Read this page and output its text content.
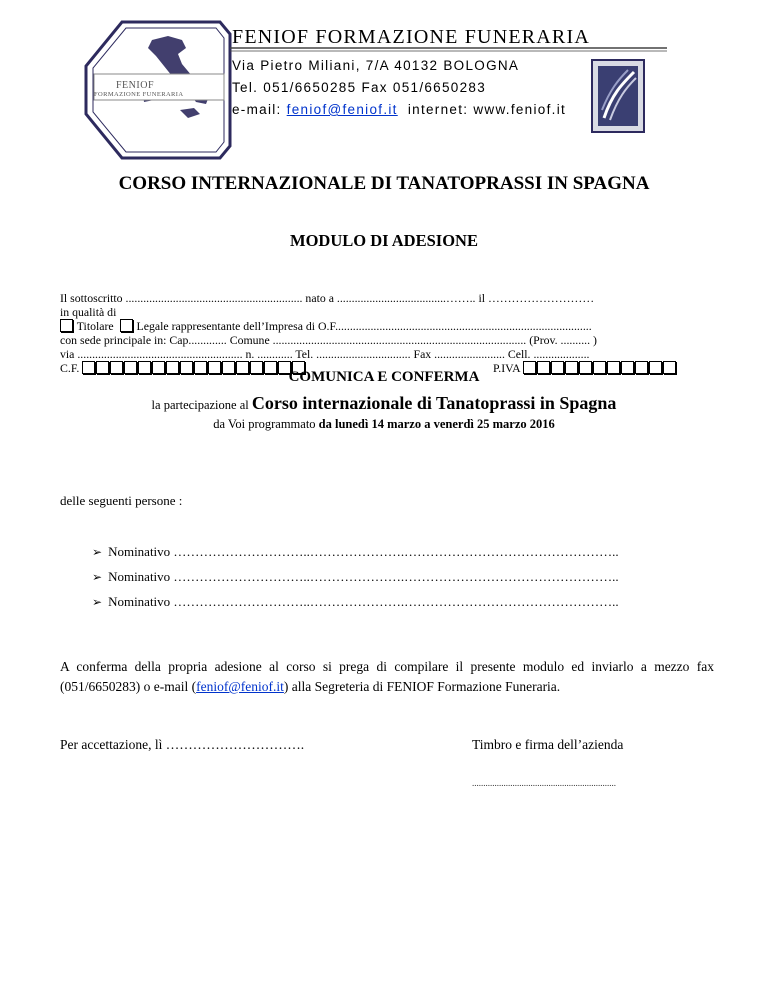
FENIOF
FORMAZIONE FUNERARIA
FENIOF FORMAZIONE FUNERARIA
Via Pietro Miliani, 7/A 40132 BOLOGNA
Tel. 051/6650285 Fax 051/6650283
e-mail: feniof@feniof.it internet: www.feniof.it
CORSO INTERNAZIONALE DI TANATOPRASSI IN SPAGNA
MODULO DI ADESIONE
Il sottoscritto ............................................................ nato a .....................................…….. il ………………………
in qualità di
Titolare Legale rappresentante dell’Impresa di O.F.......................................................................................
con sede principale in: Cap............. Comune ...................................................................................... (Prov. .......... )
via ........................................................ n. ............ Tel. ................................ Fax ........................ Cell. ...................
C.F.	P.IVA
COMUNICA E CONFERMA
la partecipazione al Corso internazionale di Tanatoprassi in Spagna
da Voi programmato da lunedì 14 marzo a venerdì 25 marzo 2016
delle seguenti persone :
➢ Nominativo …………………………..………………….…………………………………………..
➢ Nominativo …………………………..………………….…………………………………………..
➢ Nominativo …………………………..………………….…………………………………………..
A conferma della propria adesione al corso si prega di compilare il presente modulo ed inviarlo a mezzo fax (051/6650283) o e-mail (feniof@feniof.it) alla Segreteria di FENIOF Formazione Funeraria.
Per accettazione, lì ………………………….	Timbro e firma dell’azienda
................................................................
